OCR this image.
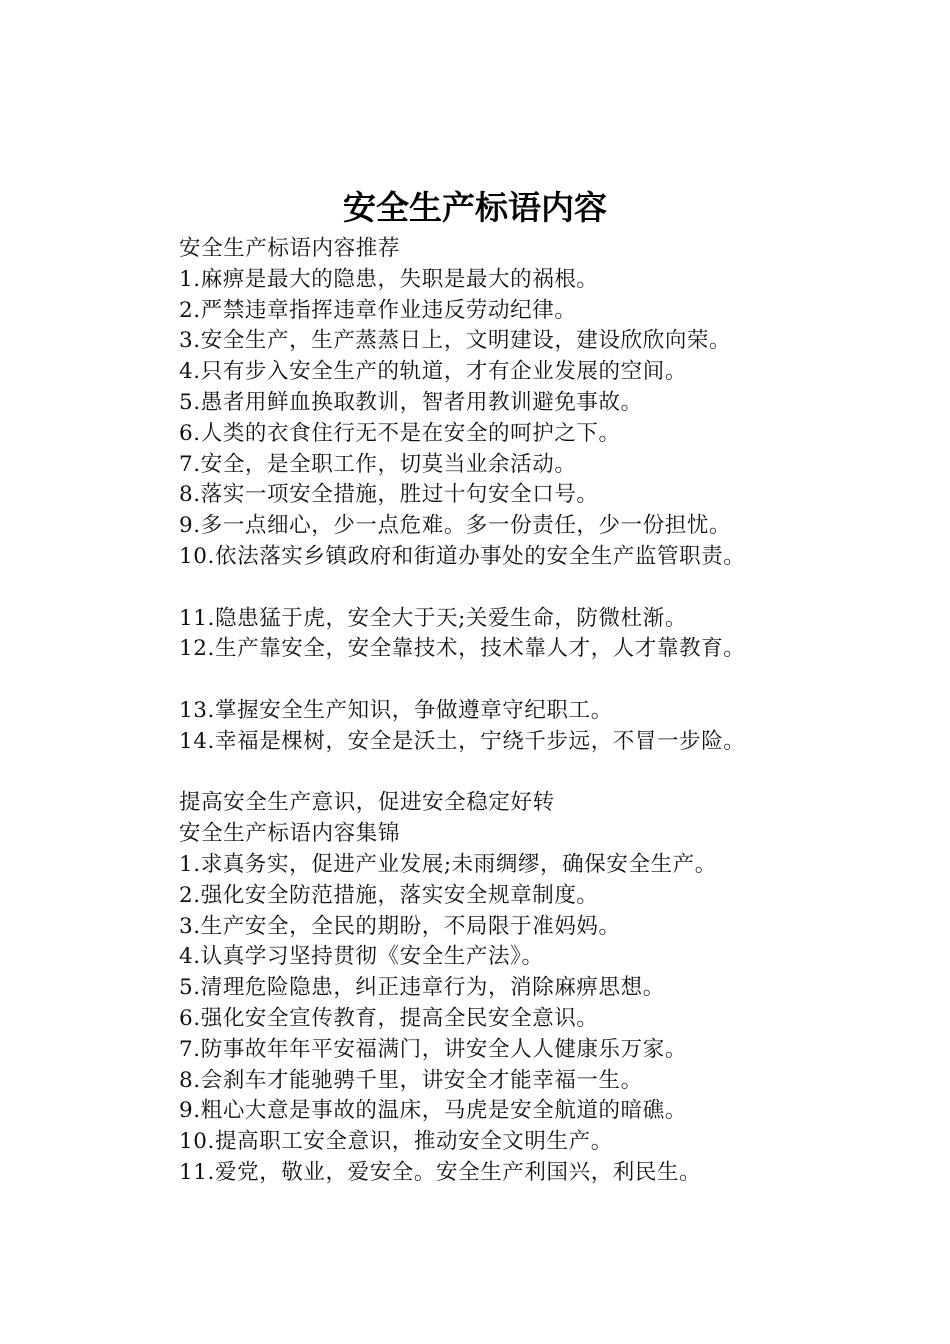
安全生产标语内容
安全生产标语内容推荐
1.麻痹是最大的隐患，失职是最大的祸根。
2.严禁违章指挥违章作业违反劳动纪律。
3.安全生产，生产蒸蒸日上，文明建设，建设欣欣向荣。
4.只有步入安全生产的轨道，才有企业发展的空间。
5.愚者用鲜血换取教训，智者用教训避免事故。
6.人类的衣食住行无不是在安全的呵护之下。
7.安全，是全职工作，切莫当业余活动。
8.落实一项安全措施，胜过十句安全口号。
9.多一点细心，少一点危难。多一份责任，少一份担忧。
10.依法落实乡镇政府和街道办事处的安全生产监管职责。
11.隐患猛于虎，安全大于天;关爱生命，防微杜渐。
12.生产靠安全，安全靠技术，技术靠人才，人才靠教育。
13.掌握安全生产知识，争做遵章守纪职工。
14.幸福是棵树，安全是沃土，宁绕千步远，不冒一步险。
提高安全生产意识，促进安全稳定好转
安全生产标语内容集锦
1.求真务实，促进产业发展;未雨绸缪，确保安全生产。
2.强化安全防范措施，落实安全规章制度。
3.生产安全，全民的期盼，不局限于准妈妈。
4.认真学习坚持贯彻《安全生产法》。
5.清理危险隐患，纠正违章行为，消除麻痹思想。
6.强化安全宣传教育，提高全民安全意识。
7.防事故年年平安福满门，讲安全人人健康乐万家。
8.会刹车才能驰骋千里，讲安全才能幸福一生。
9.粗心大意是事故的温床，马虎是安全航道的暗礁。
10.提高职工安全意识，推动安全文明生产。
11.爱党，敬业，爱安全。安全生产利国兴，利民生。
